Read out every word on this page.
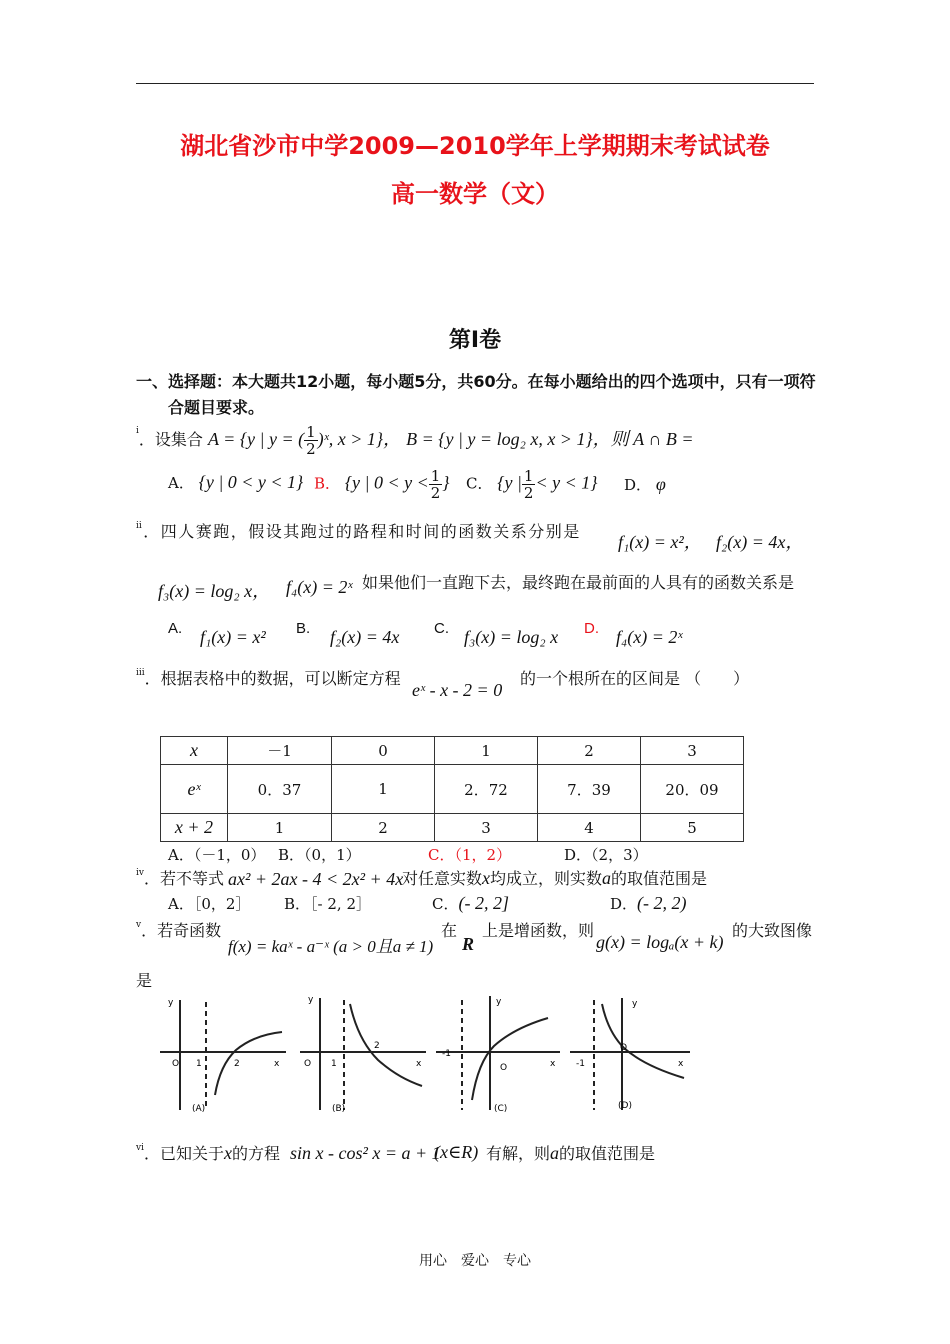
湖北省沙市中学2009—2010学年上学期期末考试试卷
高一数学（文）
第Ⅰ卷
一、选择题：本大题共12小题，每小题5分，共60分。在每小题给出的四个选项中，只有一项符
合题目要求。
$^ⅰ$．设集合 A = {y | y = ( $\frac{1}{2}$ )ˣ, x > 1}， B = {y | y = log₂ x, x > 1}，则 A ∩ B =
A． {y | 0 < y < 1} B． {y | $0 < y < \frac{1}{2}$ } C． {y | $\frac{1}{2} < y < 1$} D． φ
$^ⅱ$．四人赛跑，假设其跑过的路程和时间的函数关系分别是
f₁(x) = x²， f₂(x) = 4x，
f₃(x) = log₂ x， f₄(x) = 2ˣ 如果他们一直跑下去，最终跑在最前面的人具有的函数关系是
A. f₁(x) = x² B. f₂(x) = 4x C. f₃(x) = log₂ x D. f₄(x) = 2ˣ
$^ⅲ$．根据表格中的数据，可以断定方程
eˣ - x - 2 = 0
的一个根所在的区间是 （　　）
x	－1	0	1	2	3
eˣ	0．37	1	2．72	7．39	20．09
x + 2	1	2	3	4	5
A．（－1，0） B．（0，1）	C．（1，2）	D．（2，3）
$^ⅳ$．若不等式 ax² + 2ax - 4 < 2x² + 4x
对任意实数x均成立，则实数a的取值范围是
A．［0，2］ B．［- 2, 2］	C．(- 2, 2]	D．(- 2, 2)
$^ⅴ$．若奇函数
f(x) = kaˣ - a⁻ˣ (a > 0且a ≠ 1)
在
R
上是增函数，则
g(x) = logₐ(x + k)
的大致图像
是
y
O 1	2	x
(A)
y
O 1
2
x
(B)
y
-1
O	x
(C)
y
-1
O
x
(D)
$^ⅵ$．已知关于x的方程 sin x - cos² x = a + 1
(x∈R) 有解，则a的取值范围是
用心　爱心　专心
